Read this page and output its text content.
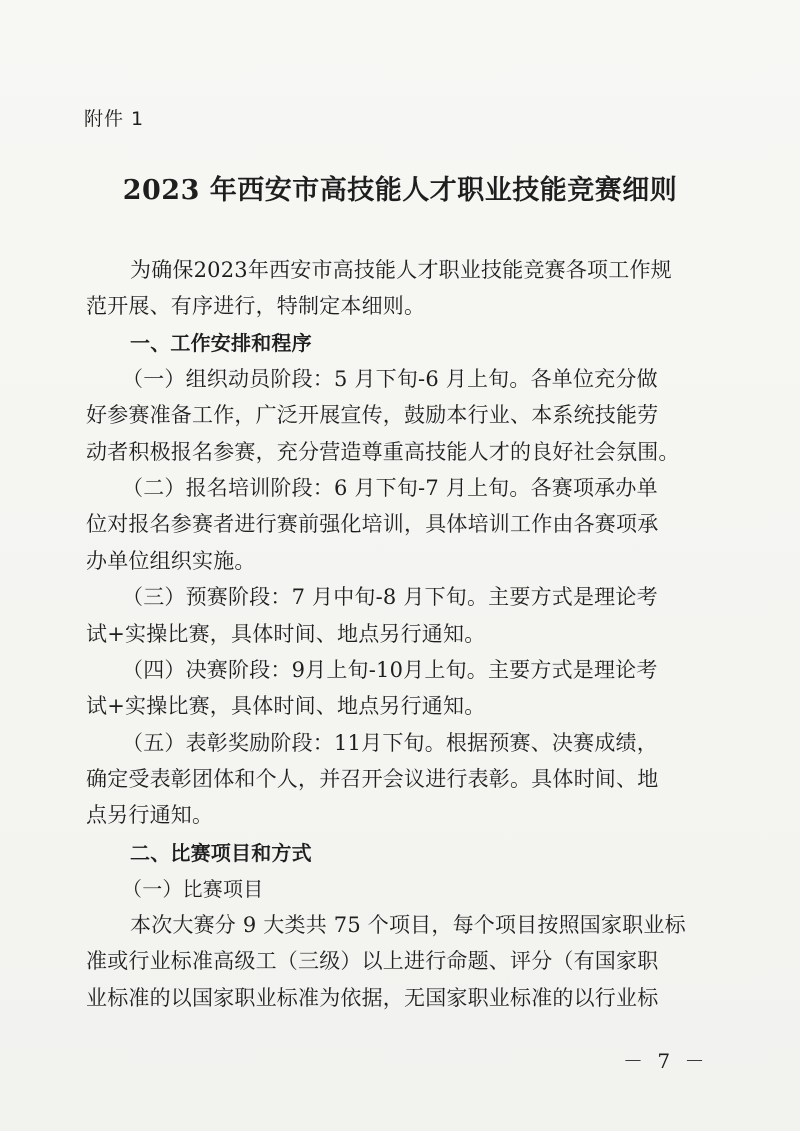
附件 1
2023 年西安市高技能人才职业技能竞赛细则
为确保2023年西安市高技能人才职业技能竞赛各项工作规
范开展、有序进行，特制定本细则。
一、工作安排和程序
（一）组织动员阶段：5 月下旬-6 月上旬。各单位充分做
好参赛准备工作，广泛开展宣传，鼓励本行业、本系统技能劳
动者积极报名参赛，充分营造尊重高技能人才的良好社会氛围。
（二）报名培训阶段：6 月下旬-7 月上旬。各赛项承办单
位对报名参赛者进行赛前强化培训，具体培训工作由各赛项承
办单位组织实施。
（三）预赛阶段：7 月中旬-8 月下旬。主要方式是理论考
试+实操比赛，具体时间、地点另行通知。
（四）决赛阶段：9月上旬-10月上旬。主要方式是理论考
试+实操比赛，具体时间、地点另行通知。
（五）表彰奖励阶段：11月下旬。根据预赛、决赛成绩，
确定受表彰团体和个人，并召开会议进行表彰。具体时间、地
点另行通知。
二、比赛项目和方式
（一）比赛项目
本次大赛分 9 大类共 75 个项目，每个项目按照国家职业标
准或行业标准高级工（三级）以上进行命题、评分（有国家职
业标准的以国家职业标准为依据，无国家职业标准的以行业标
－ 7 －
